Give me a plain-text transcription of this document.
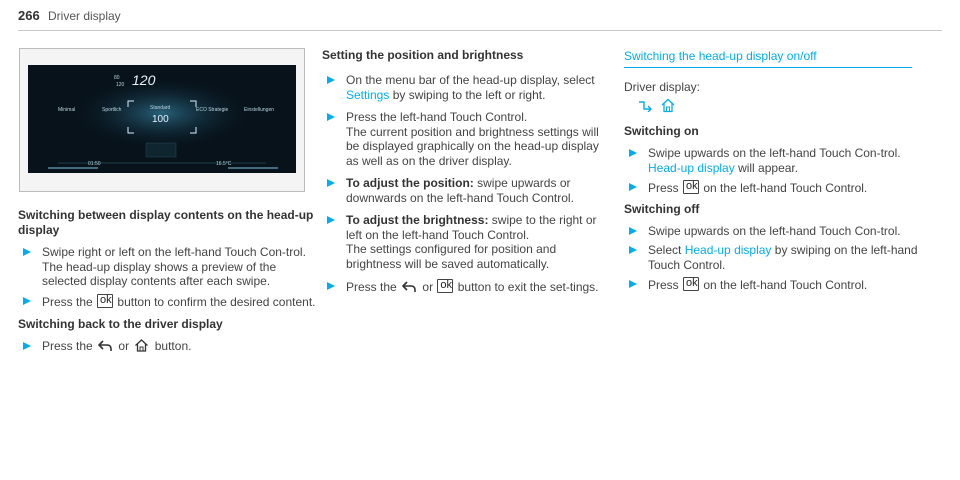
266 Driver display
80
120 120
Minimal	Sportlich	Standard	ECO Strategie	Einstellungen
100
01:50	16.5°C
Switching between display contents on the head-up display
Swipe right or left on the left-hand Touch Con-trol.
The head-up display shows a preview of the selected display contents after each swipe.
Press the ok button to confirm the desired content.
Switching back to the driver display
Press the or button.
Setting the position and brightness
On the menu bar of the head-up display, select Settings by swiping to the left or right.
Press the left-hand Touch Control.
The current position and brightness settings will be displayed graphically on the head-up display as well as on the driver display.
To adjust the position: swipe upwards or downwards on the left-hand Touch Control.
To adjust the brightness: swipe to the right or left on the left-hand Touch Control.
The settings configured for position and brightness will be saved automatically.
Press the or ok button to exit the set-tings.
Switching the head-up display on/off
Driver display:

Switching on
Swipe upwards on the left-hand Touch Con-trol.
Head-up display will appear.
Press ok on the left-hand Touch Control.
Switching off
Swipe upwards on the left-hand Touch Con-trol.
Select Head-up display by swiping on the left-hand Touch Control.
Press ok on the left-hand Touch Control.
